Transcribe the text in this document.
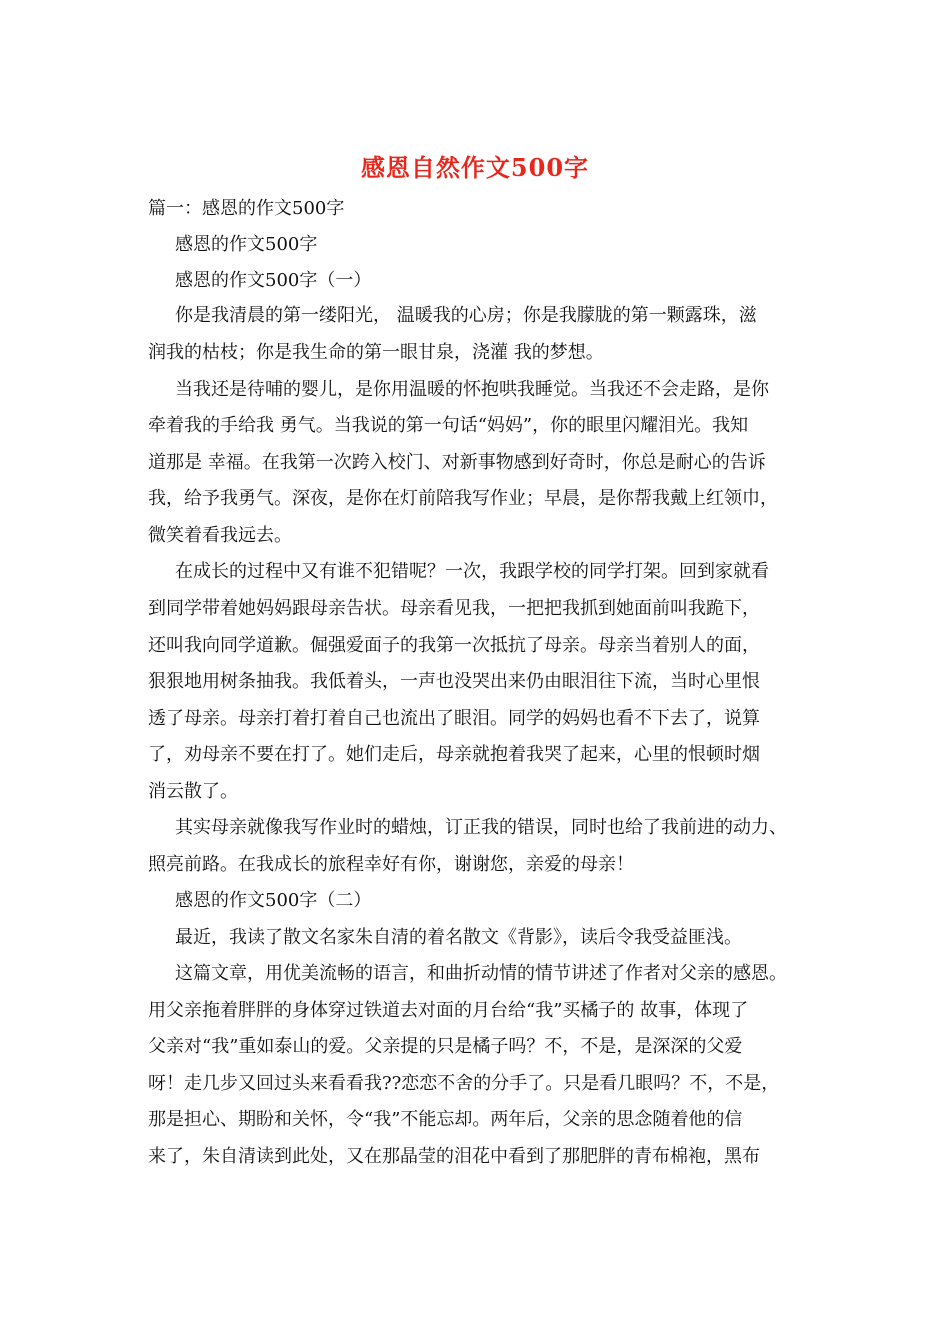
感恩自然作文500字
篇一：感恩的作文500字
感恩的作文500字
感恩的作文500字（一）
你是我清晨的第一缕阳光， 温暖我的心房；你是我朦胧的第一颗露珠，滋
润我的枯枝；你是我生命的第一眼甘泉，浇灌 我的梦想。
当我还是待哺的婴儿，是你用温暖的怀抱哄我睡觉。当我还不会走路，是你
牵着我的手给我 勇气。当我说的第一句话“妈妈”，你的眼里闪耀泪光。我知
道那是 幸福。在我第一次跨入校门、对新事物感到好奇时，你总是耐心的告诉
我，给予我勇气。深夜，是你在灯前陪我写作业；早晨，是你帮我戴上红领巾，
微笑着看我远去。
在成长的过程中又有谁不犯错呢？一次，我跟学校的同学打架。回到家就看
到同学带着她妈妈跟母亲告状。母亲看见我，一把把我抓到她面前叫我跪下，
还叫我向同学道歉。倔强爱面子的我第一次抵抗了母亲。母亲当着别人的面，
狠狠地用树条抽我。我低着头，一声也没哭出来仍由眼泪往下流，当时心里恨
透了母亲。母亲打着打着自己也流出了眼泪。同学的妈妈也看不下去了，说算
了，劝母亲不要在打了。她们走后，母亲就抱着我哭了起来，心里的恨顿时烟
消云散了。
其实母亲就像我写作业时的蜡烛，订正我的错误，同时也给了我前进的动力、
照亮前路。在我成长的旅程幸好有你，谢谢您，亲爱的母亲！
感恩的作文500字（二）
最近，我读了散文名家朱自清的着名散文《背影》，读后令我受益匪浅。
这篇文章，用优美流畅的语言，和曲折动情的情节讲述了作者对父亲的感恩。
用父亲拖着胖胖的身体穿过铁道去对面的月台给“我”买橘子的 故事，体现了
父亲对“我”重如泰山的爱。父亲提的只是橘子吗？不，不是，是深深的父爱
呀！走几步又回过头来看看我??恋恋不舍的分手了。只是看几眼吗？不，不是，
那是担心、期盼和关怀，令“我”不能忘却。两年后，父亲的思念随着他的信
来了，朱自清读到此处，又在那晶莹的泪花中看到了那肥胖的青布棉袍，黑布
